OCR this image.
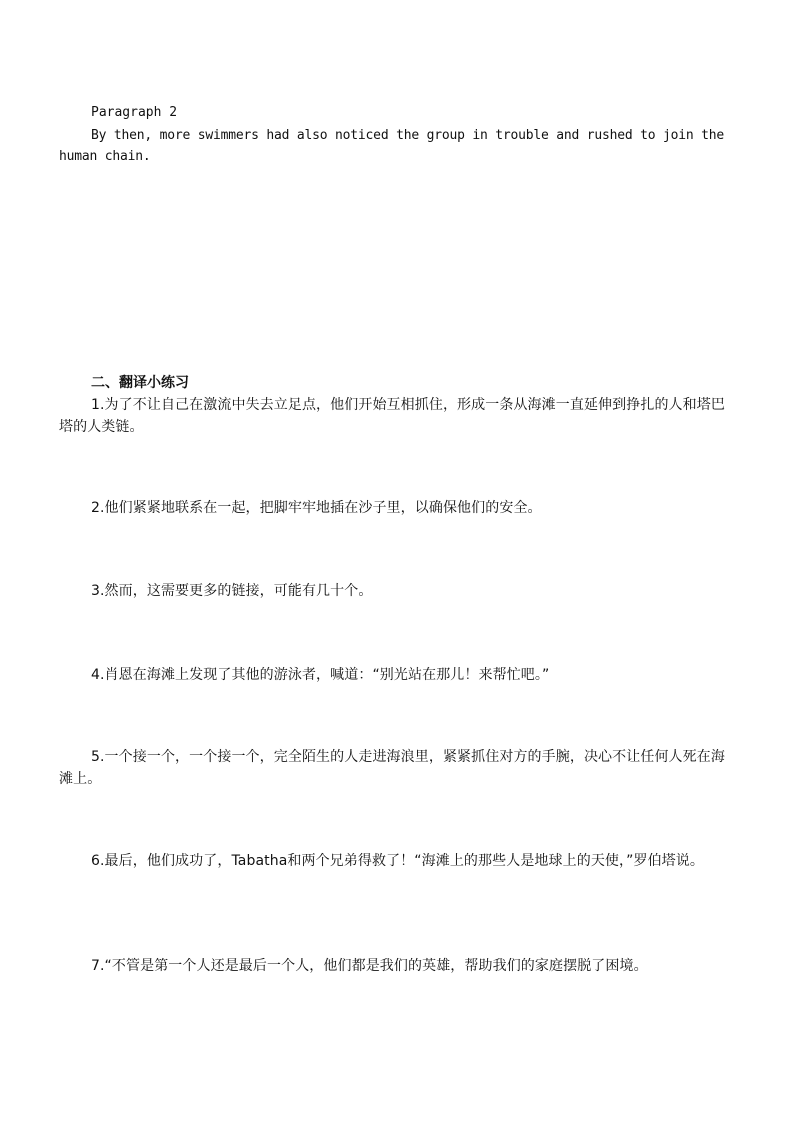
Paragraph 2
By then, more swimmers had also noticed the group in trouble and rushed to join the human chain.
二、翻译小练习
1.为了不让自己在激流中失去立足点，他们开始互相抓住，形成一条从海滩一直延伸到挣扎的人和塔巴塔的人类链。
2.他们紧紧地联系在一起，把脚牢牢地插在沙子里，以确保他们的安全。
3.然而，这需要更多的链接，可能有几十个。
4.肖恩在海滩上发现了其他的游泳者，喊道：“别光站在那儿！来帮忙吧。”
5.一个接一个，一个接一个，完全陌生的人走进海浪里，紧紧抓住对方的手腕，决心不让任何人死在海滩上。
6.最后，他们成功了，Tabatha和两个兄弟得救了！“海滩上的那些人是地球上的天使，”罗伯塔说。
7.“不管是第一个人还是最后一个人，他们都是我们的英雄，帮助我们的家庭摆脱了困境。
